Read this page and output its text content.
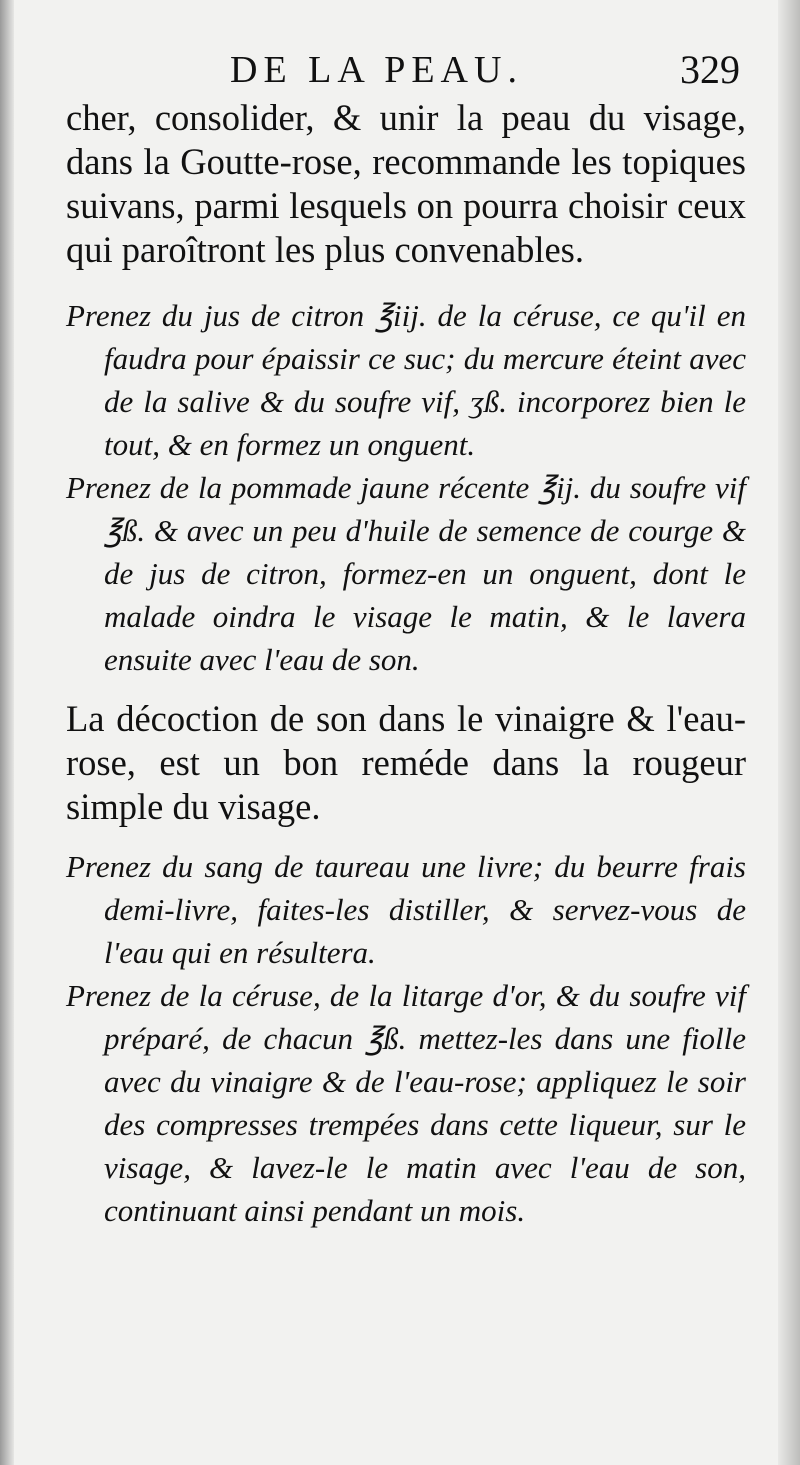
DE LA PEAU.	329

cher, consolider, & unir la peau du visage, dans la Goutte-rose, recommande les topiques suivans, parmi lesquels on pourra choisir ceux qui paroîtront les plus convenables.

Prenez du jus de citron ℥iij. de la céruse, ce qu'il en faudra pour épaissir ce suc; du mercure éteint avec de la salive & du soufre vif, ʒß. incorporez bien le tout, & en formez un onguent.

Prenez de la pommade jaune récente ℥ij. du soufre vif ℥ß. & avec un peu d'huile de semence de courge & de jus de citron, formez-en un onguent, dont le malade oindra le visage le matin, & le lavera ensuite avec l'eau de son.

La décoction de son dans le vinaigre & l'eau-rose, est un bon reméde dans la rougeur simple du visage.

Prenez du sang de taureau une livre; du beurre frais demi-livre, faites-les distiller, & servez-vous de l'eau qui en résultera.

Prenez de la céruse, de la litarge d'or, & du soufre vif préparé, de chacun ℥ß. mettez-les dans une fiolle avec du vinaigre & de l'eau-rose; appliquez le soir des compresses trempées dans cette liqueur, sur le visage, & lavez-le le matin avec l'eau de son, continuant ainsi pendant un mois.
